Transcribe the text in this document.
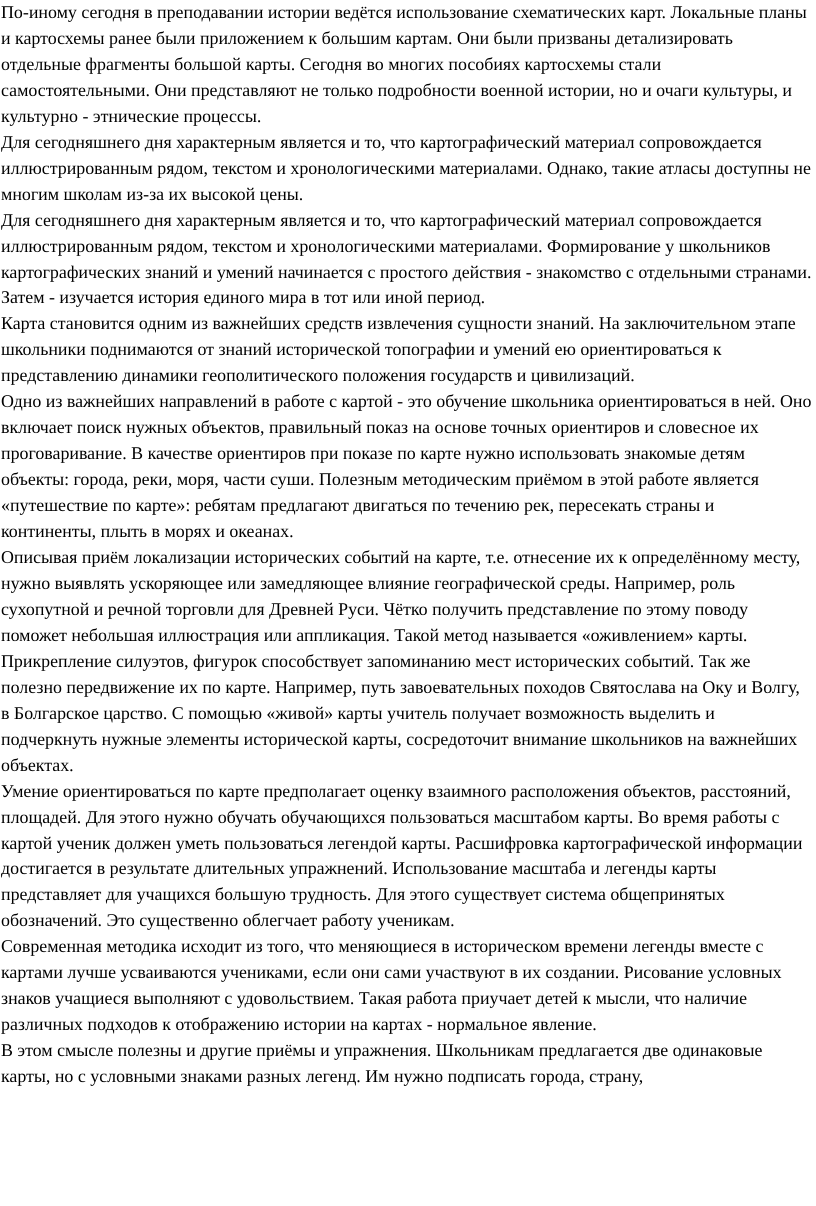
По-иному сегодня в преподавании истории ведётся использование схематических карт. Локальные планы и картосхемы ранее были приложением к большим картам. Они были призваны детализировать отдельные фрагменты большой карты. Сегодня во многих пособиях картосхемы стали самостоятельными. Они представляют не только подробности военной истории, но и очаги культуры, и культурно - этнические процессы.

Для сегодняшнего дня характерным является и то, что картографический материал сопровождается иллюстрированным рядом, текстом и хронологическими материалами. Однако, такие атласы доступны не многим школам из-за их высокой цены.

Для сегодняшнего дня характерным является и то, что картографический материал сопровождается иллюстрированным рядом, текстом и хронологическими материалами. Формирование у школьников картографических знаний и умений начинается с простого действия - знакомство с отдельными странами. Затем - изучается история единого мира в тот или иной период.

Карта становится одним из важнейших средств извлечения сущности знаний. На заключительном этапе школьники поднимаются от знаний исторической топографии и умений ею ориентироваться к представлению динамики геополитического положения государств и цивилизаций.

Одно из важнейших направлений в работе с картой - это обучение школьника ориентироваться в ней. Оно включает поиск нужных объектов, правильный показ на основе точных ориентиров и словесное их проговаривание. В качестве ориентиров при показе по карте нужно использовать знакомые детям объекты: города, реки, моря, части суши. Полезным методическим приёмом в этой работе является «путешествие по карте»: ребятам предлагают двигаться по течению рек, пересекать страны и континенты, плыть в морях и океанах.

Описывая приём локализации исторических событий на карте, т.е. отнесение их к определённому месту, нужно выявлять ускоряющее или замедляющее влияние географической среды. Например, роль сухопутной и речной торговли для Древней Руси. Чётко получить представление по этому поводу поможет небольшая иллюстрация или аппликация. Такой метод называется «оживлением» карты. Прикрепление силуэтов, фигурок способствует запоминанию мест исторических событий. Так же полезно передвижение их по карте. Например, путь завоевательных походов Святослава на Оку и Волгу, в Болгарское царство. С помощью «живой» карты учитель получает возможность выделить и подчеркнуть нужные элементы исторической карты, сосредоточит внимание школьников на важнейших объектах.

Умение ориентироваться по карте предполагает оценку взаимного расположения объектов, расстояний, площадей. Для этого нужно обучать обучающихся пользоваться масштабом карты. Во время работы с картой ученик должен уметь пользоваться легендой карты. Расшифровка картографической информации достигается в результате длительных упражнений. Использование масштаба и легенды карты представляет для учащихся большую трудность. Для этого существует система общепринятых обозначений. Это существенно облегчает работу ученикам.

Современная методика исходит из того, что меняющиеся в историческом времени легенды вместе с картами лучше усваиваются учениками, если они сами участвуют в их создании. Рисование условных знаков учащиеся выполняют с удовольствием. Такая работа приучает детей к мысли, что наличие различных подходов к отображению истории на картах - нормальное явление.

В этом смысле полезны и другие приёмы и упражнения. Школьникам предлагается две одинаковые карты, но с условными знаками разных легенд. Им нужно подписать города, страну,
